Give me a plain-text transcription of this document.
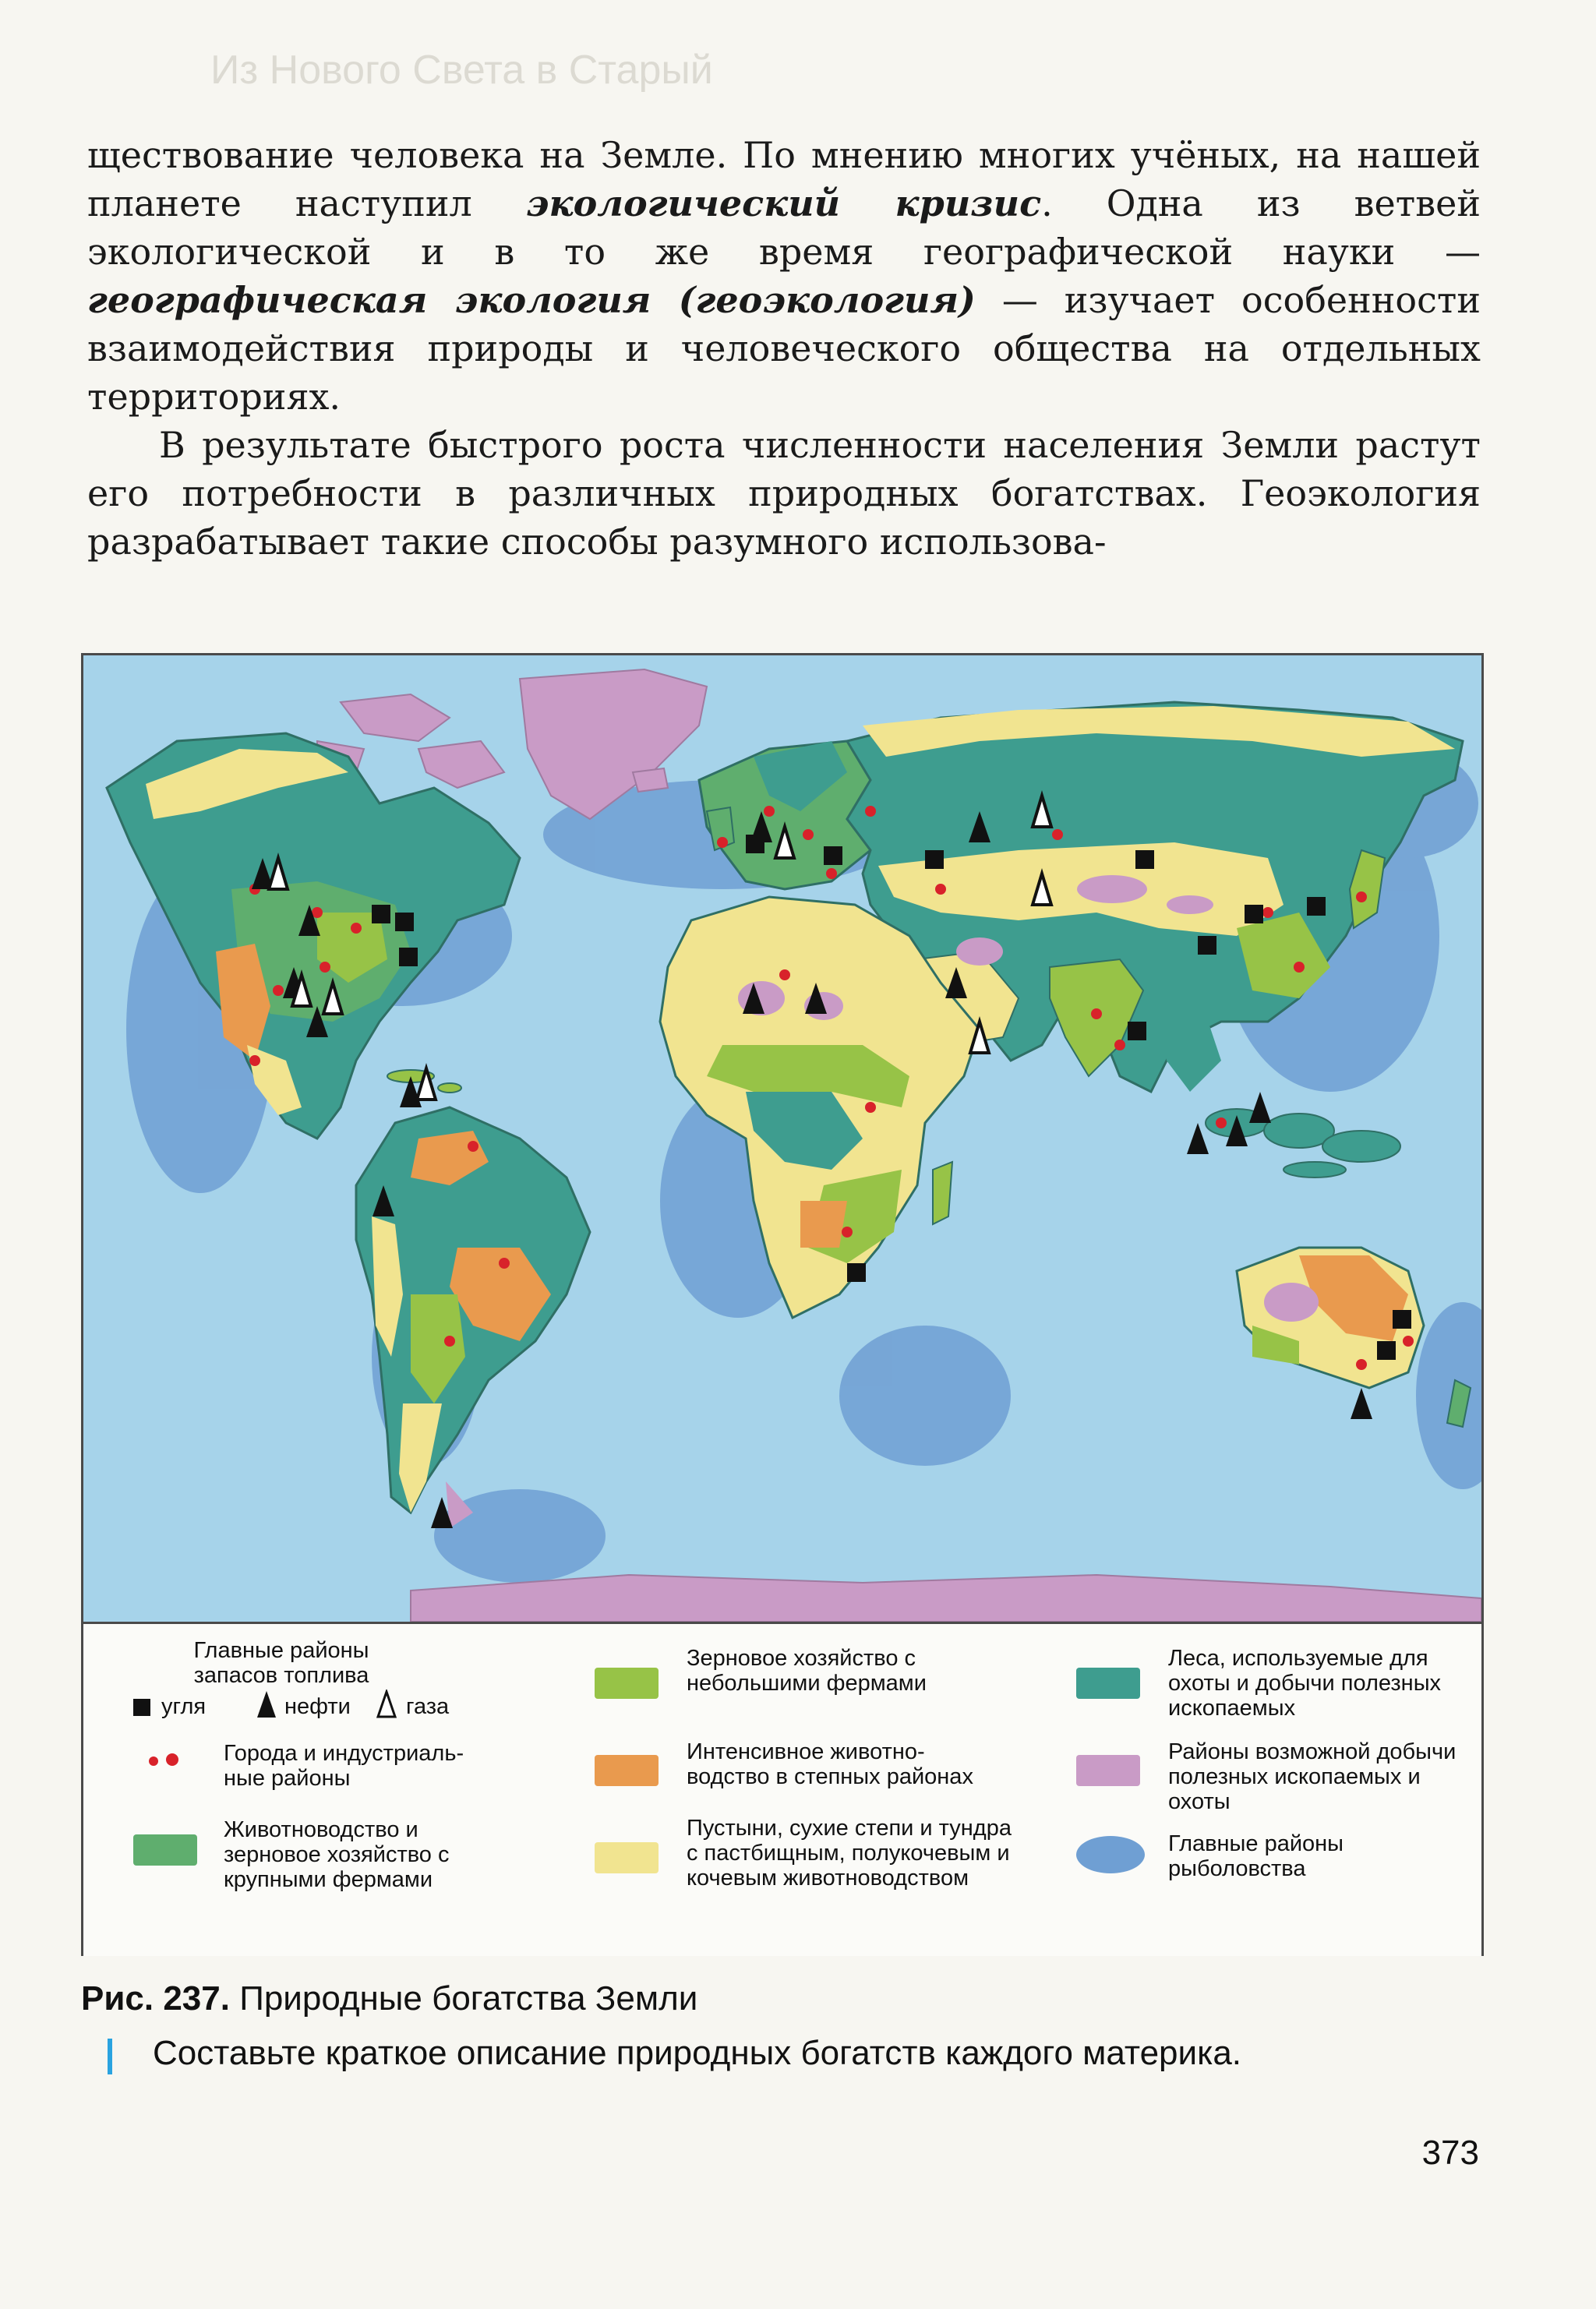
Из Нового Света в Старый

ществование человека на Земле. По мнению многих учёных, на нашей планете наступил экологический кризис. Одна из ветвей экологической и в то же время географической науки — географическая экология (геоэкология) — изучает особенности взаимодействия природы и человеческого общества на отдельных территориях.

В результате быстрого роста численности населения Земли растут его потребности в различных природных богатствах. Геоэкология разрабатывает такие способы разумного использова-

Главные районы запасов топлива
угля	нефти газа
Города и индустриаль-ные районы
Животноводство и зерновое хозяйство с крупными фермами
Зерновое хозяйство с небольшими фермами
Интенсивное животно-водство в степных районах
Пустыни, сухие степи и тундра с пастбищным, полукочевым и кочевым животноводством
Леса, используемые для охоты и добычи полезных ископаемых
Районы возможной добычи полезных ископаемых и охоты
Главные районы рыболовства
Рис. 237. Природные богатства Земли
Составьте краткое описание природных богатств каждого материка.
373
